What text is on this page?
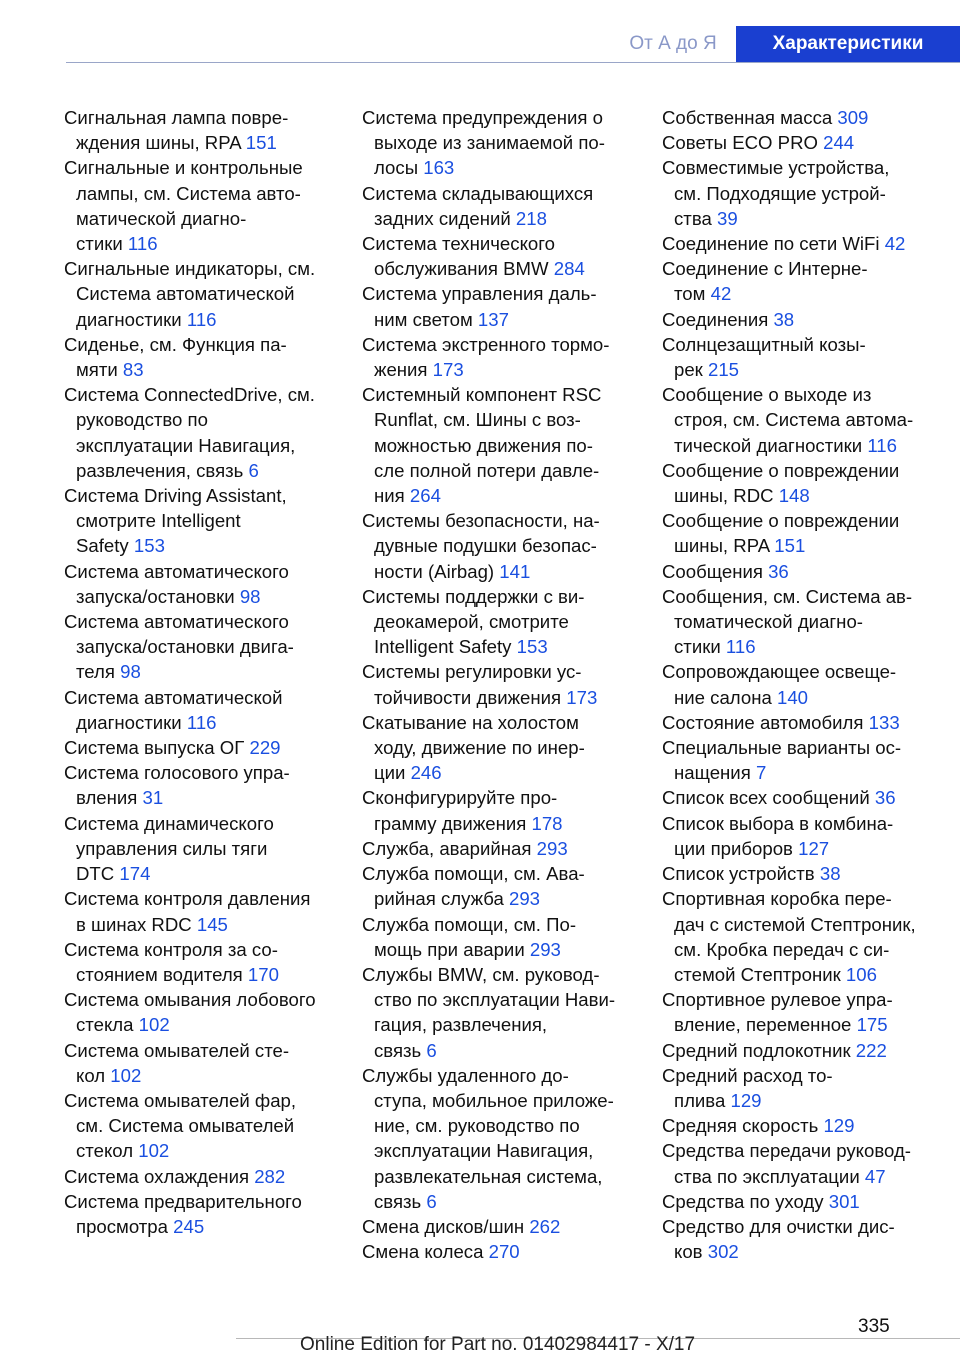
От А до Я	Характеристики
Сигнальная лампа повре-
ждения шины, RPA 151
Сигнальные и контрольные
лампы, см. Система авто-
матической диагно-
стики 116
Сигнальные индикаторы, см.
Система автоматической
диагностики 116
Сиденье, см. Функция па-
мяти 83
Система ConnectedDrive, см.
руководство по
эксплуатации Навигация,
развлечения, связь 6
Система Driving Assistant,
смотрите Intelligent
Safety 153
Система автоматического
запуска/остановки 98
Система автоматического
запуска/остановки двига-
теля 98
Система автоматической
диагностики 116
Система выпуска ОГ 229
Система голосового упра-
вления 31
Система динамического
управления силы тяги
DTC 174
Система контроля давления
в шинах RDC 145
Система контроля за со-
стоянием водителя 170
Система омывания лобового
стекла 102
Система омывателей сте-
кол 102
Система омывателей фар,
см. Система омывателей
стекол 102
Система охлаждения 282
Система предварительного
просмотра 245
Система предупреждения о
выходе из занимаемой по-
лосы 163
Система складывающихся
задних сидений 218
Система технического
обслуживания BMW 284
Система управления даль-
ним светом 137
Система экстренного тормо-
жения 173
Системный компонент RSC
Runflat, см. Шины с воз-
можностью движения по-
сле полной потери давле-
ния 264
Системы безопасности, на-
дувные подушки безопас-
ности (Airbag) 141
Системы поддержки с ви-
деокамерой, смотрите
Intelligent Safety 153
Системы регулировки ус-
тойчивости движения 173
Скатывание на холостом
ходу, движение по инер-
ции 246
Сконфигурируйте про-
грамму движения 178
Служба, аварийная 293
Служба помощи, см. Ава-
рийная служба 293
Служба помощи, см. По-
мощь при аварии 293
Службы BMW, см. руковод-
ство по эксплуатации Нави-
гация, развлечения,
связь 6
Службы удаленного до-
ступа, мобильное приложе-
ние, см. руководство по
эксплуатации Навигация,
развлекательная система,
связь 6
Смена дисков/шин 262
Смена колеса 270
Собственная масса 309
Советы ECO PRO 244
Совместимые устройства,
см. Подходящие устрой-
ства 39
Соединение по сети WiFi 42
Соединение с Интерне-
том 42
Соединения 38
Солнцезащитный козы-
рек 215
Сообщение о выходе из
строя, см. Система автома-
тической диагностики 116
Сообщение о повреждении
шины, RDC 148
Сообщение о повреждении
шины, RPA 151
Сообщения 36
Сообщения, см. Система ав-
томатической диагно-
стики 116
Сопровождающее освеще-
ние салона 140
Состояние автомобиля 133
Специальные варианты ос-
нащения 7
Список всех сообщений 36
Список выбора в комбина-
ции приборов 127
Список устройств 38
Спортивная коробка пере-
дач с системой Стептроник,
см. Кробка передач с си-
стемой Стептроник 106
Спортивное рулевое упра-
вление, переменное 175
Средний подлокотник 222
Средний расход то-
плива 129
Средняя скорость 129
Средства передачи руковод-
ства по эксплуатации 47
Средства по уходу 301
Средство для очистки дис-
ков 302
335
Online Edition for Part no. 01402984417 - X/17
